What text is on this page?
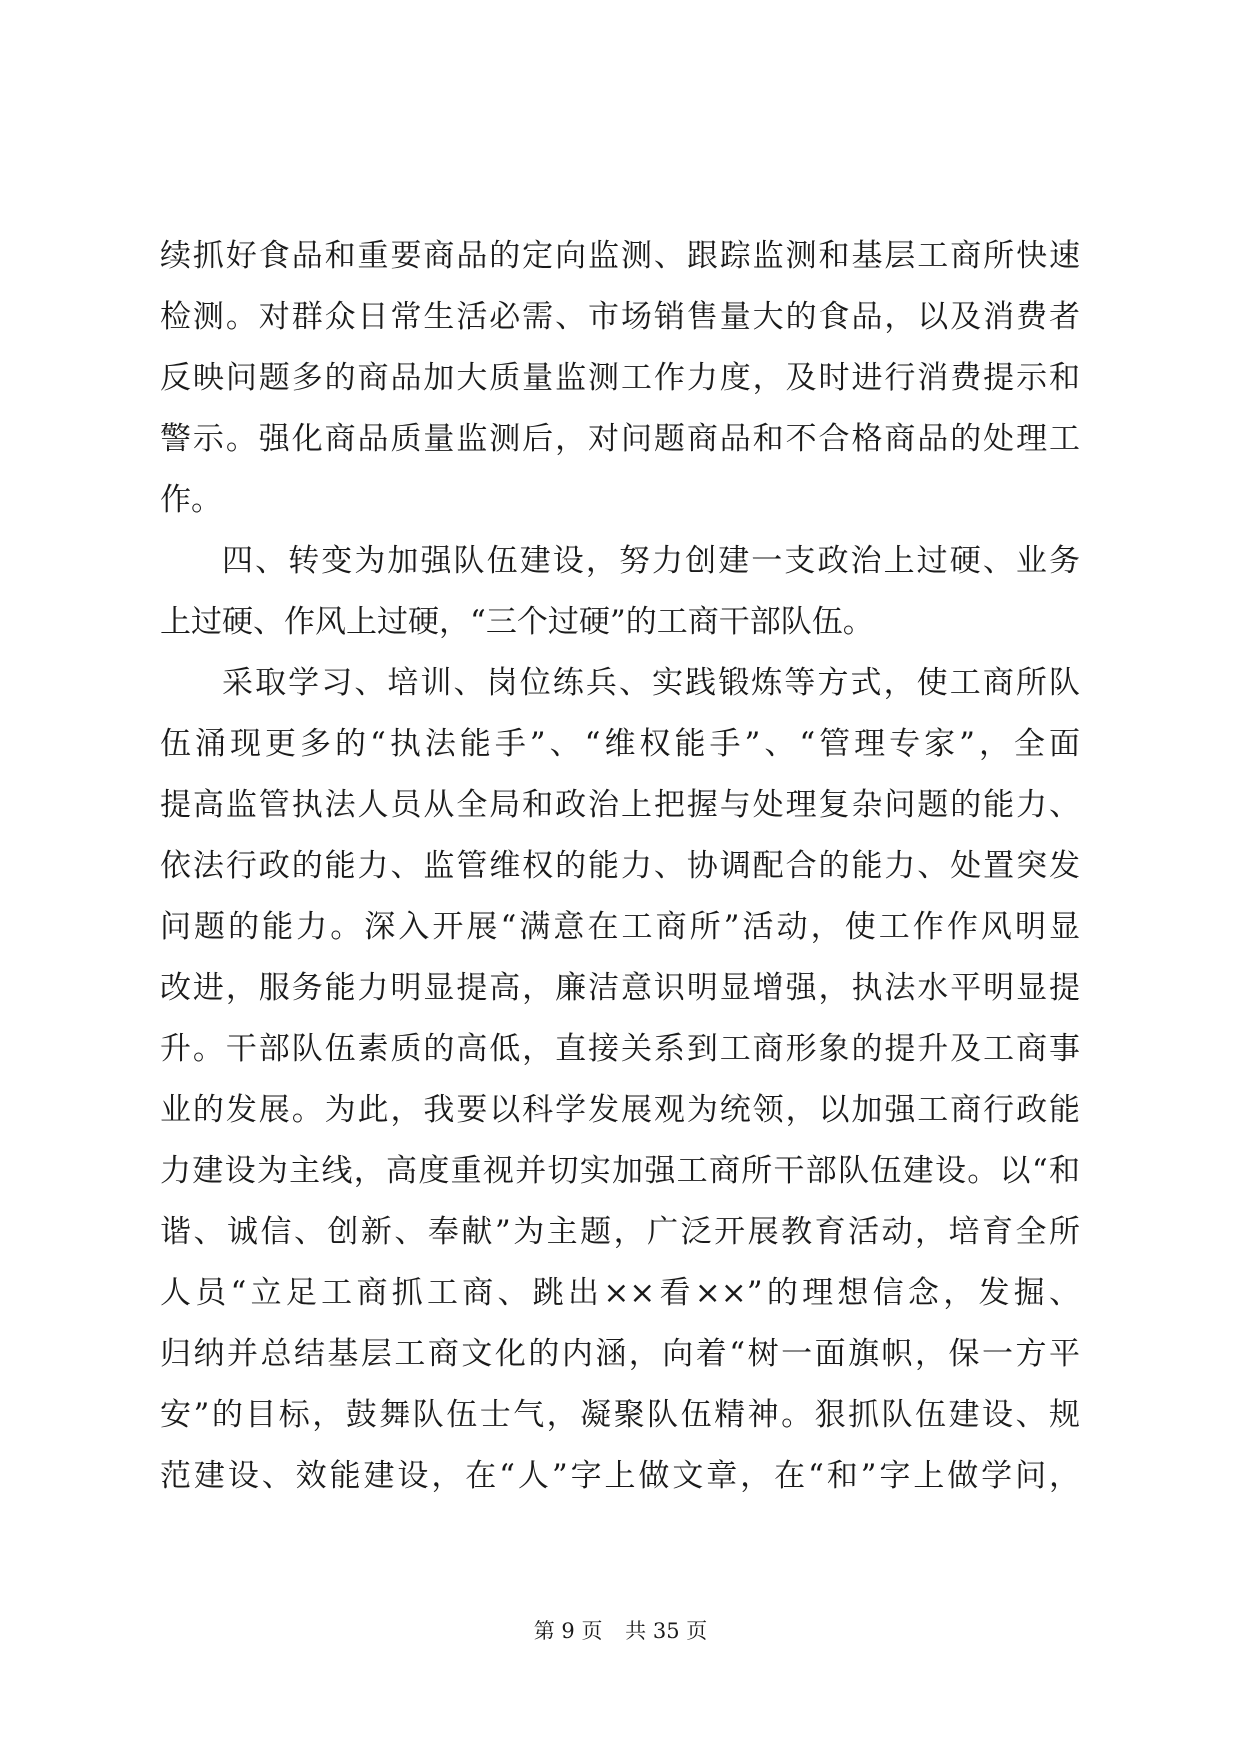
续抓好食品和重要商品的定向监测、跟踪监测和基层工商所快速
检测。对群众日常生活必需、市场销售量大的食品，以及消费者
反映问题多的商品加大质量监测工作力度，及时进行消费提示和
警示。强化商品质量监测后，对问题商品和不合格商品的处理工
作。
四、转变为加强队伍建设，努力创建一支政治上过硬、业务
上过硬、作风上过硬，“三个过硬”的工商干部队伍。
采取学习、培训、岗位练兵、实践锻炼等方式，使工商所队
伍涌现更多的“执法能手”、“维权能手”、“管理专家”，全面
提高监管执法人员从全局和政治上把握与处理复杂问题的能力、
依法行政的能力、监管维权的能力、协调配合的能力、处置突发
问题的能力。深入开展“满意在工商所”活动，使工作作风明显
改进，服务能力明显提高，廉洁意识明显增强，执法水平明显提
升。干部队伍素质的高低，直接关系到工商形象的提升及工商事
业的发展。为此，我要以科学发展观为统领，以加强工商行政能
力建设为主线，高度重视并切实加强工商所干部队伍建设。以“和
谐、诚信、创新、奉献”为主题，广泛开展教育活动，培育全所
人员“立足工商抓工商、跳出××看××”的理想信念，发掘、
归纳并总结基层工商文化的内涵，向着“树一面旗帜，保一方平
安”的目标，鼓舞队伍士气，凝聚队伍精神。狠抓队伍建设、规
范建设、效能建设，在“人”字上做文章，在“和”字上做学问，
第 9 页 共 35 页
